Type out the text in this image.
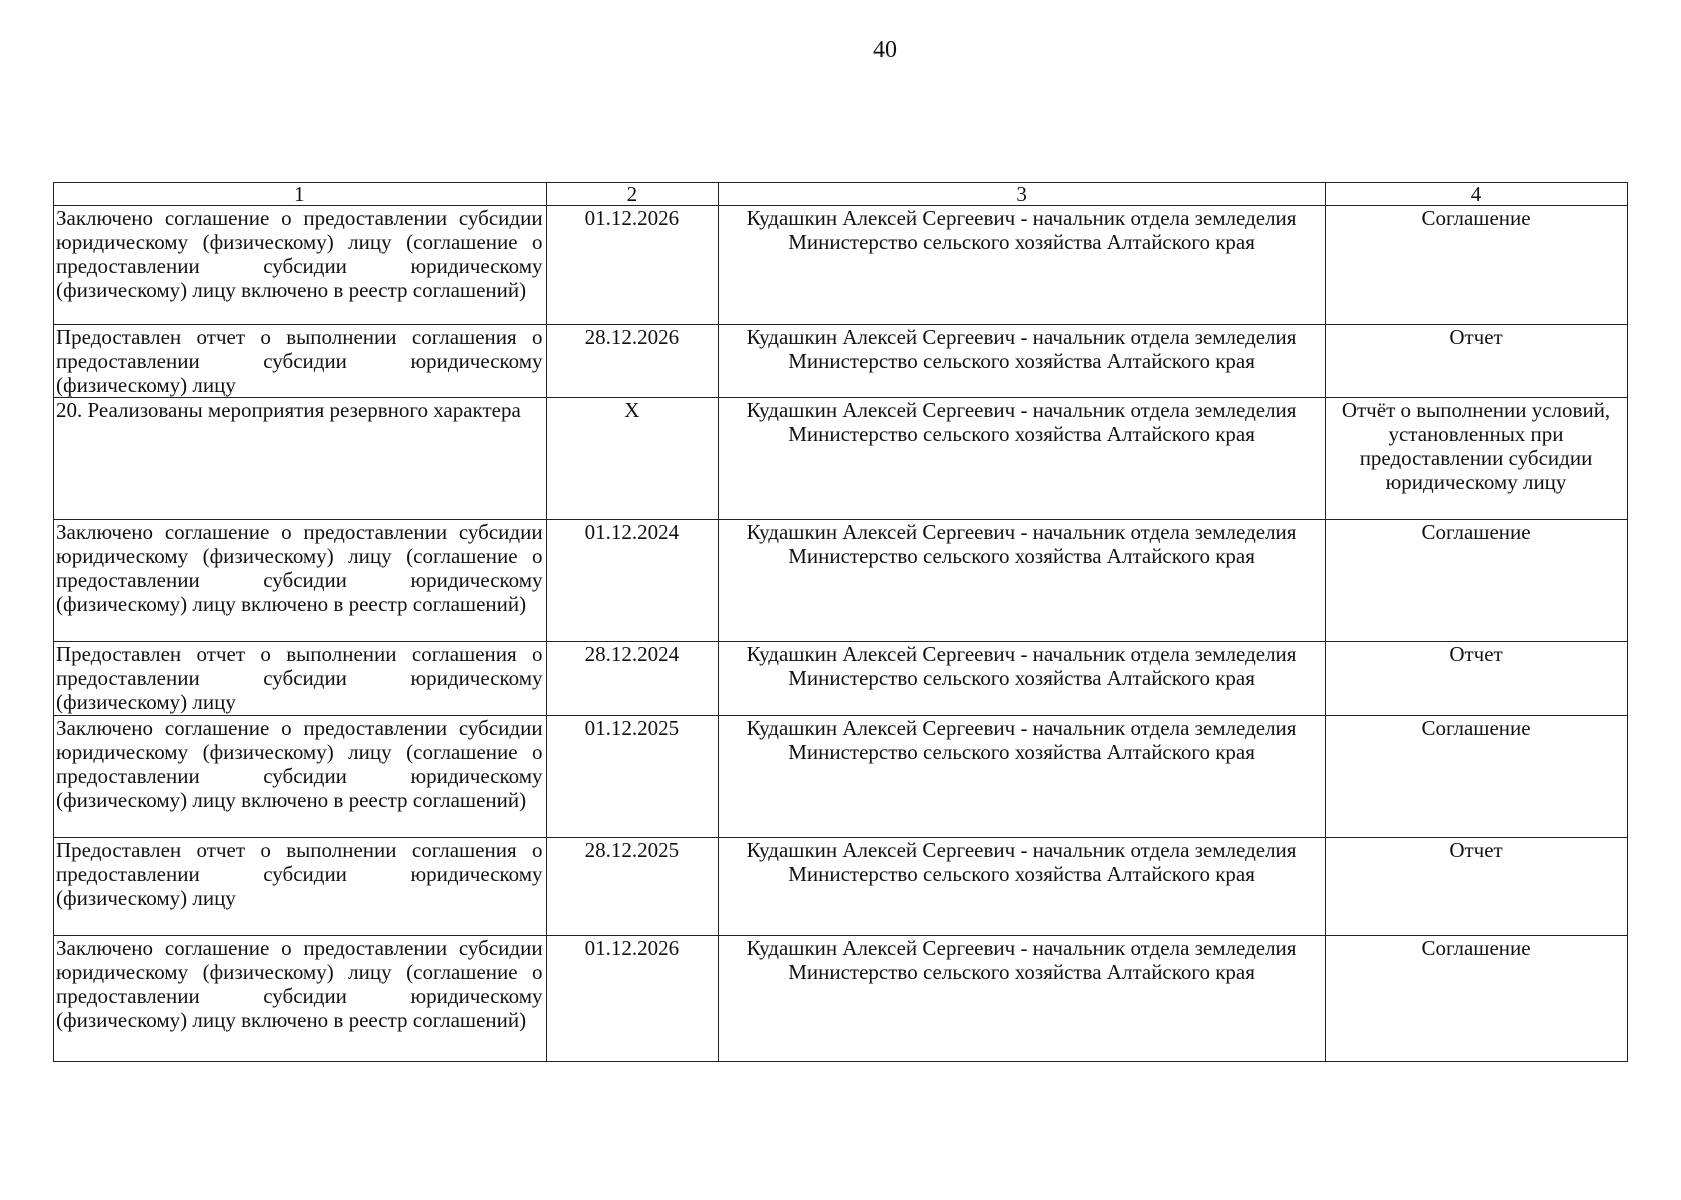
40
1	2	3	4
Заключено соглашение о предоставлении субсидии юридическому (физическому) лицу (соглашение о предоставлении субсидии юридическому (физическому) лицу включено в реестр соглашений)	01.12.2026	Кудашкин Алексей Сергеевич - начальник отдела земледелия Министерство сельского хозяйства Алтайского края	Соглашение
Предоставлен отчет о выполнении соглашения о предоставлении субсидии юридическому (физическому) лицу	28.12.2026	Кудашкин Алексей Сергеевич - начальник отдела земледелия Министерство сельского хозяйства Алтайского края	Отчет
20. Реализованы мероприятия резервного характера	X	Кудашкин Алексей Сергеевич - начальник отдела земледелия Министерство сельского хозяйства Алтайского края	Отчёт о выполнении условий, установленных при предоставлении субсидии юридическому лицу
Заключено соглашение о предоставлении субсидии юридическому (физическому) лицу (соглашение о предоставлении субсидии юридическому (физическому) лицу включено в реестр соглашений)	01.12.2024	Кудашкин Алексей Сергеевич - начальник отдела земледелия Министерство сельского хозяйства Алтайского края	Соглашение
Предоставлен отчет о выполнении соглашения о предоставлении субсидии юридическому (физическому) лицу	28.12.2024	Кудашкин Алексей Сергеевич - начальник отдела земледелия Министерство сельского хозяйства Алтайского края	Отчет
Заключено соглашение о предоставлении субсидии юридическому (физическому) лицу (соглашение о предоставлении субсидии юридическому (физическому) лицу включено в реестр соглашений)	01.12.2025	Кудашкин Алексей Сергеевич - начальник отдела земледелия Министерство сельского хозяйства Алтайского края	Соглашение
Предоставлен отчет о выполнении соглашения о предоставлении субсидии юридическому (физическому) лицу	28.12.2025	Кудашкин Алексей Сергеевич - начальник отдела земледелия Министерство сельского хозяйства Алтайского края	Отчет
Заключено соглашение о предоставлении субсидии юридическому (физическому) лицу (соглашение о предоставлении субсидии юридическому (физическому) лицу включено в реестр соглашений)	01.12.2026	Кудашкин Алексей Сергеевич - начальник отдела земледелия Министерство сельского хозяйства Алтайского края	Соглашение
